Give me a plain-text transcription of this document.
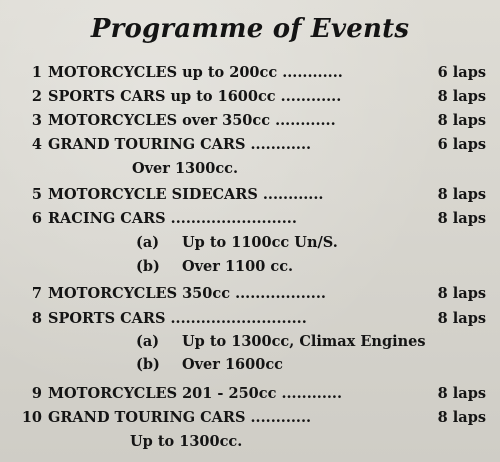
Programme of Events
1 MOTORCYCLES up to 200cc ............	6 laps
2 SPORTS CARS up to 1600cc ............	8 laps
3 MOTORCYCLES over 350cc ............	8 laps
4 GRAND TOURING CARS ............	6 laps
Over 1300cc.
5 MOTORCYCLE SIDECARS ............	8 laps
6 RACING CARS .........................	8 laps
(a) Up to 1100cc Un/S.
(b) Over 1100 cc.
7 MOTORCYCLES 350cc ..................	8 laps
8 SPORTS CARS ...........................	8 laps
(a) Up to 1300cc, Climax Engines
(b) Over 1600cc
9 MOTORCYCLES 201 - 250cc ............	8 laps
10 GRAND TOURING CARS ............	8 laps
Up to 1300cc.
